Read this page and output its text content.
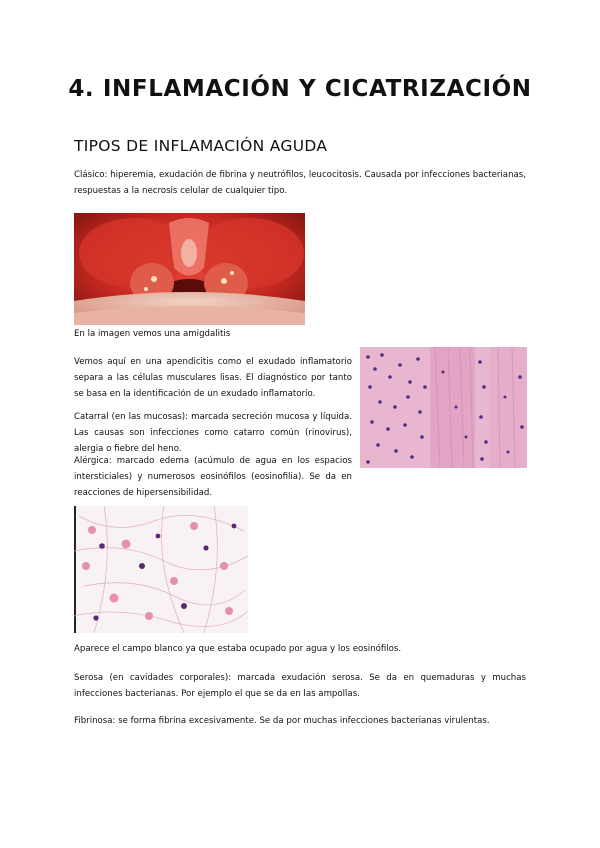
4. INFLAMACIÓN Y CICATRIZACIÓN
TIPOS DE INFLAMACIÓN AGUDA

Clásico: hiperemia, exudación de fibrina y neutrófilos, leucocitosis. Causada por infecciones bacterianas, respuestas a la necrosis celular de cualquier tipo.

En la imagen vemos una amigdalitis

Vemos aquí en una apendicitis como el exudado inflamatorio separa a las células musculares lisas. El diagnóstico por tanto se basa en la identificación de un exudado inflamatorio.

Catarral (en las mucosas): marcada secreción mucosa y líquida. Las causas son infecciones como catarro común (rinovirus), alergia o fiebre del heno.

Alérgica: marcado edema (acúmulo de agua en los espacios intersticiales) y numerosos eosinófilos (eosinofilia). Se da en reacciones de hipersensibilidad.

Aparece el campo blanco ya que estaba ocupado por agua y los eosinófilos.

Serosa (en cavidades corporales): marcada exudación serosa. Se da en quemaduras y muchas infecciones bacterianas. Por ejemplo el que se da en las ampollas.

Fibrinosa: se forma fibrina excesivamente. Se da por muchas infecciones bacterianas virulentas.
